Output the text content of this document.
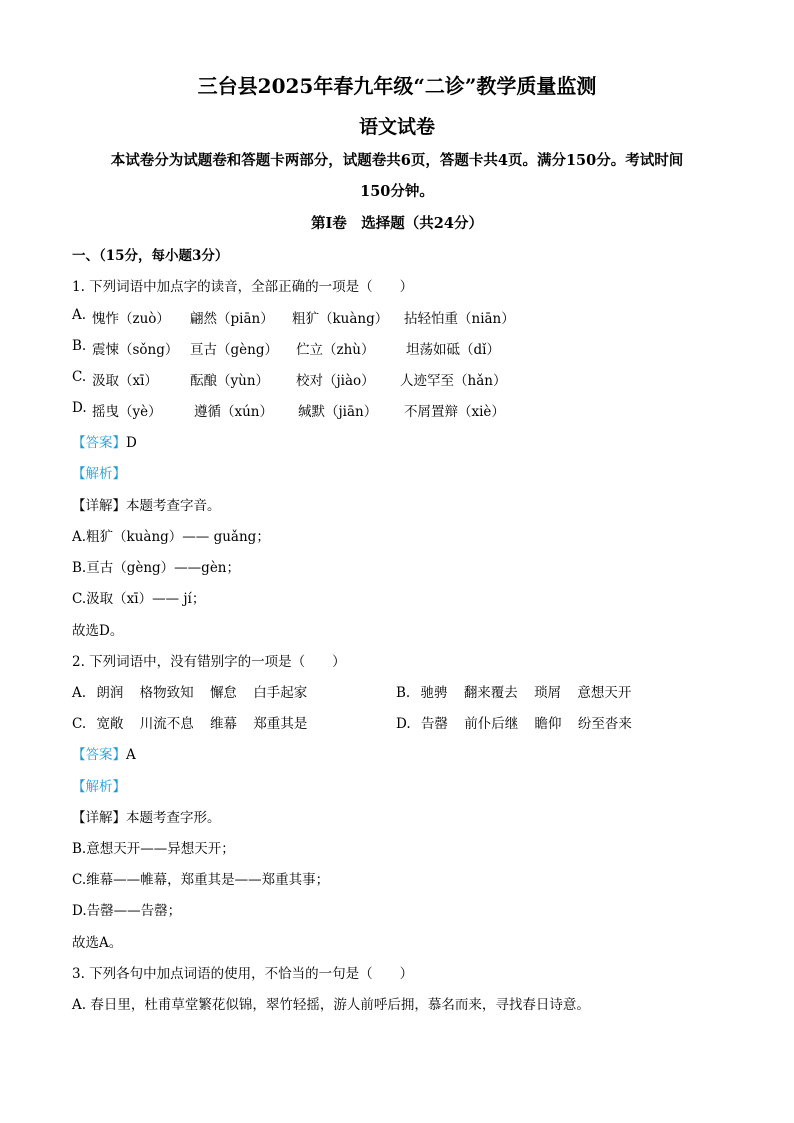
三台县2025年春九年级“二诊”教学质量监测
语文试卷
本试卷分为试题卷和答题卡两部分，试题卷共6页，答题卡共4页。满分150分。考试时间
150分钟。
第Ⅰ卷　选择题（共24分）
一、（15分，每小题3分）
1. 下列词语中加点字的读音，全部正确的一项是（　　）
A. 愧怍（zuò） 翩然（piān） 粗犷（kuàng） 拈轻怕重（niān）
B. 震悚（sǒng） 亘古（gèng） 伫立（zhù） 坦荡如砥（dǐ）
C. 汲取（xī） 酝酿（yùn） 校对（jiào） 人迹罕至（hǎn）
D. 摇曳（yè） 遵循（xún） 缄默（jiān） 不屑置辩（xiè）
【答案】D
【解析】
【详解】本题考查字音。
A.粗犷（kuàng）—— guǎng；
B.亘古（gèng）——gèn；
C.汲取（xī）—— jí；
故选D。
2. 下列词语中，没有错别字的一项是（　　）
A. 朗润 格物致知 懈怠 白手起家	B. 驰骋 翻来覆去 琐屑 意想天开
C. 宽敞 川流不息 维幕 郑重其是	D. 告罄 前仆后继 瞻仰 纷至沓来
【答案】A
【解析】
【详解】本题考查字形。
B.意想天开——异想天开；
C.维幕——帷幕，郑重其是——郑重其事；
D.告罄——告罄；
故选A。
3. 下列各句中加点词语的使用，不恰当的一句是（　　）
A. 春日里，杜甫草堂繁花似锦，翠竹轻摇，游人前呼后拥，慕名而来，寻找春日诗意。
